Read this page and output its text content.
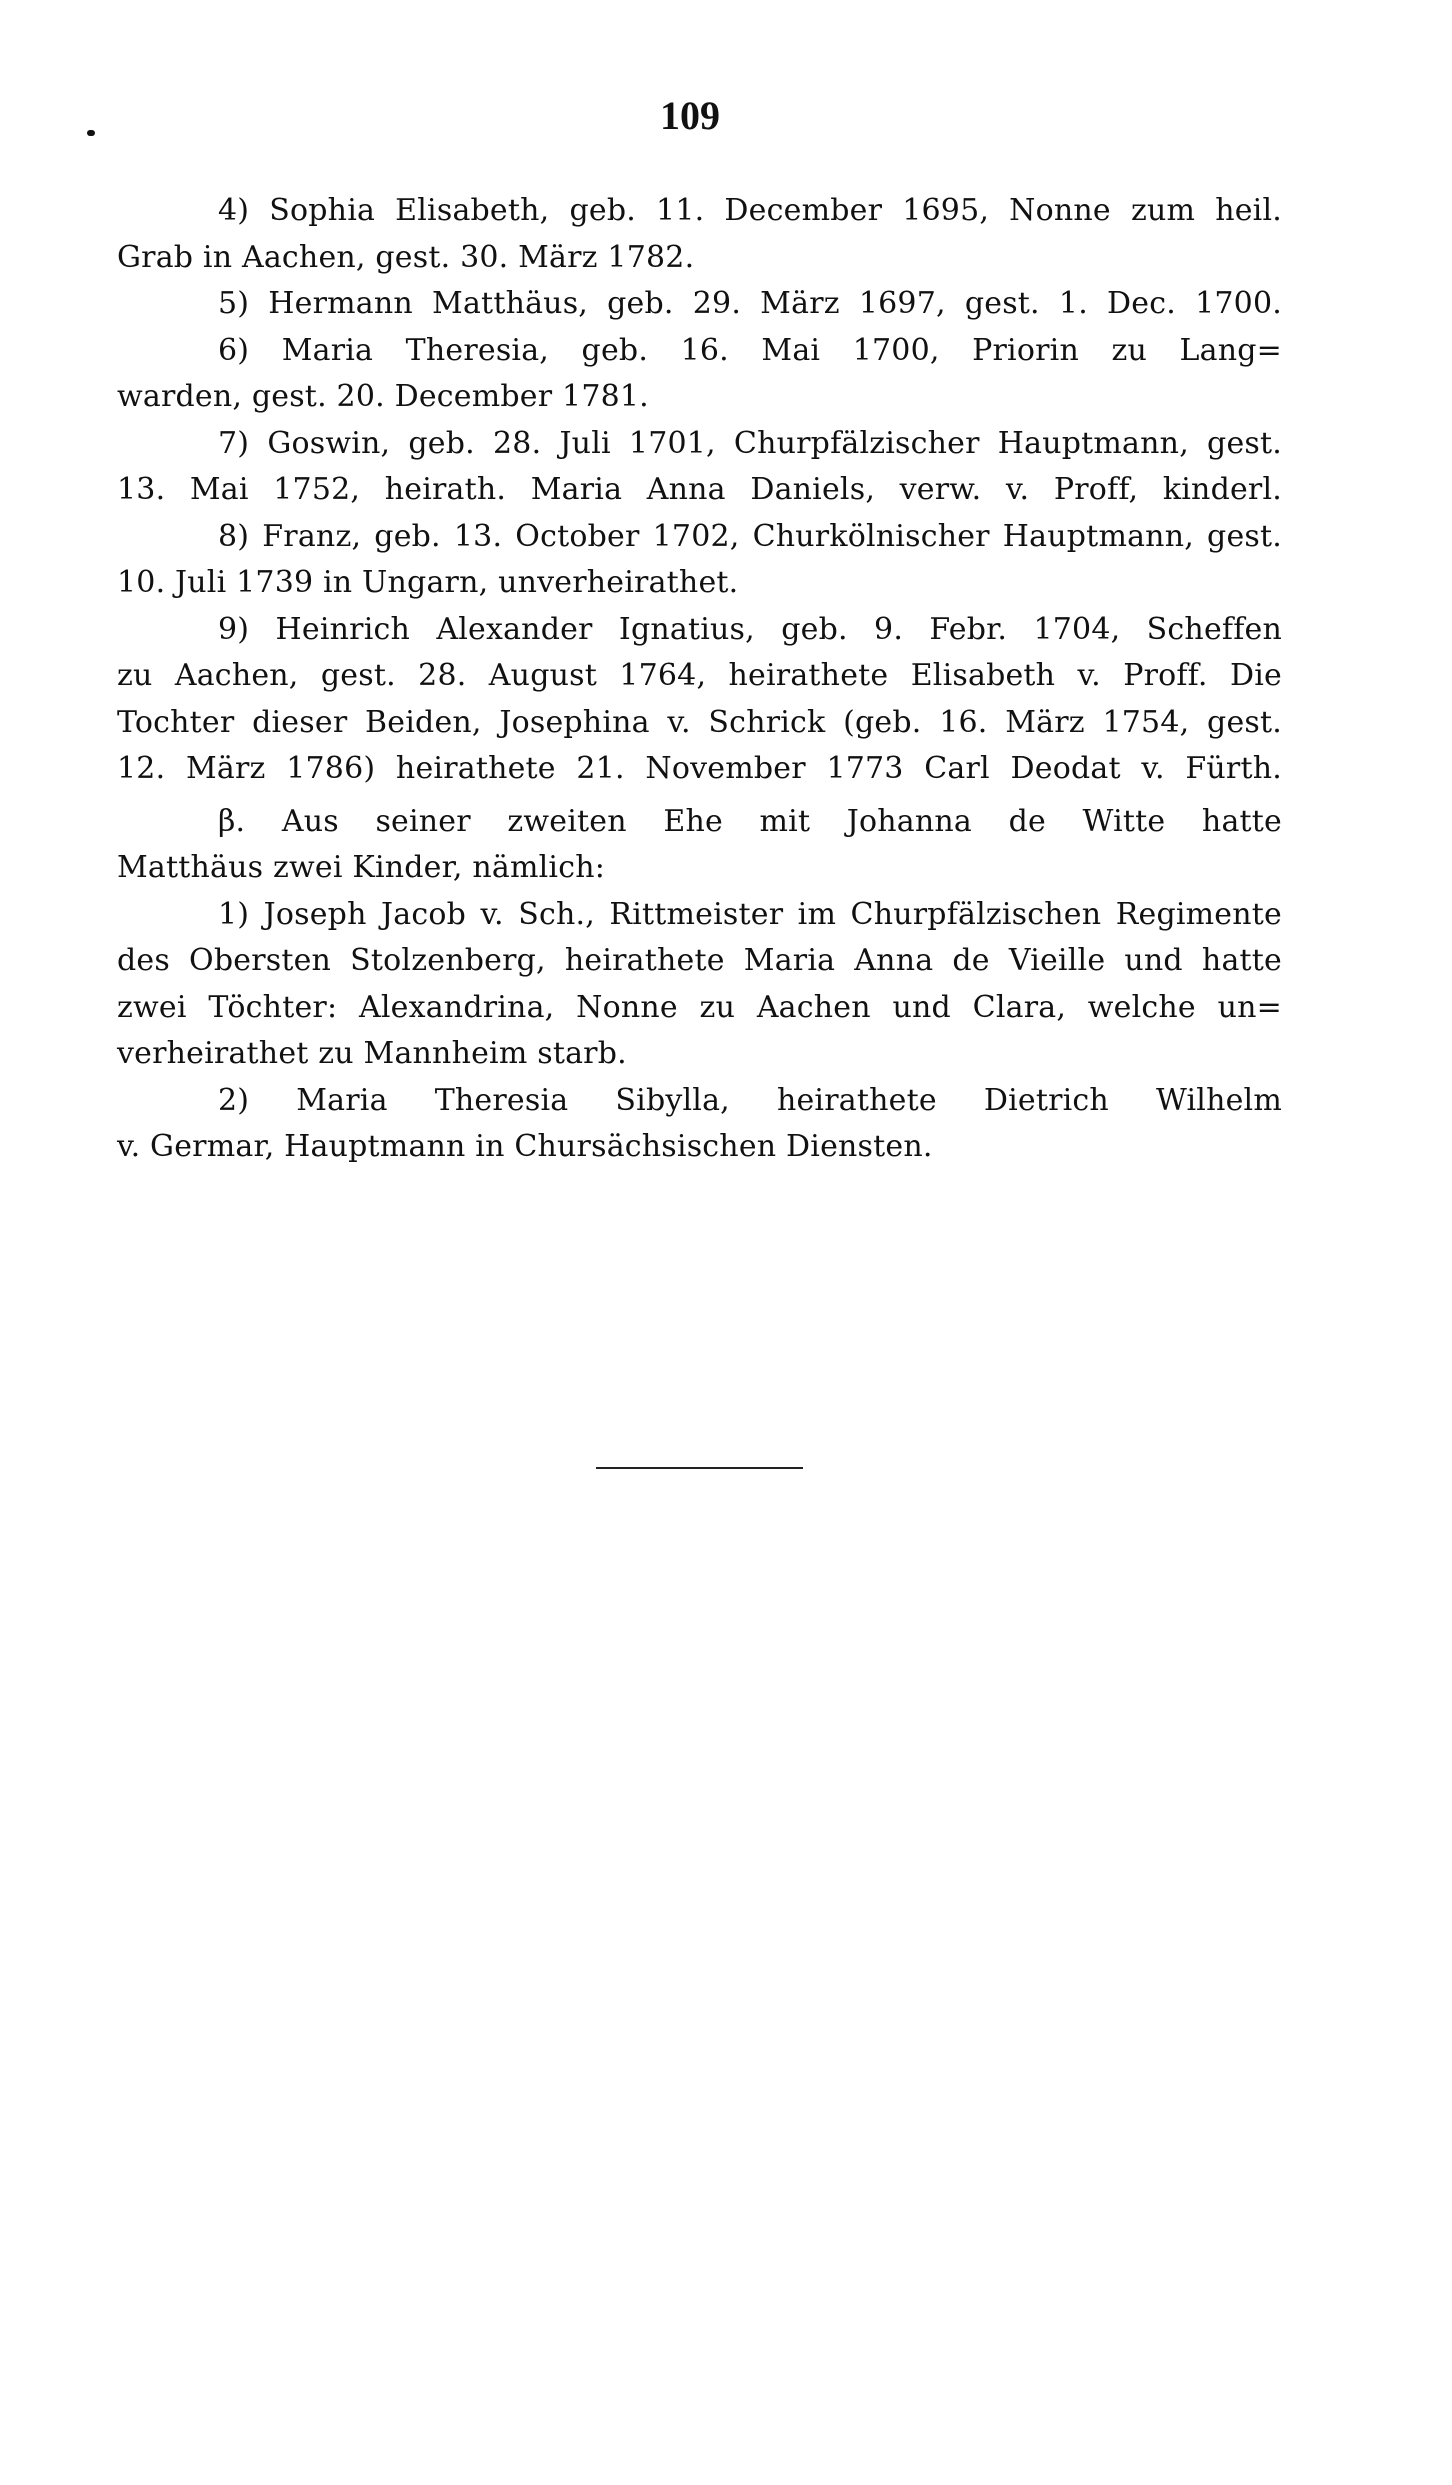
109
4) Sophia Elisabeth, geb. 11. December 1695, Nonne zum heil.
Grab in Aachen, gest. 30. März 1782.
5) Hermann Matthäus, geb. 29. März 1697, gest. 1. Dec. 1700.
6) Maria Theresia, geb. 16. Mai 1700, Priorin zu Lang=
warden, gest. 20. December 1781.
7) Goswin, geb. 28. Juli 1701, Churpfälzischer Hauptmann, gest.
13. Mai 1752, heirath. Maria Anna Daniels, verw. v. Proff, kinderl.
8) Franz, geb. 13. October 1702, Churkölnischer Hauptmann, gest.
10. Juli 1739 in Ungarn, unverheirathet.
9) Heinrich Alexander Ignatius, geb. 9. Febr. 1704, Scheffen
zu Aachen, gest. 28. August 1764, heirathete Elisabeth v. Proff. Die
Tochter dieser Beiden, Josephina v. Schrick (geb. 16. März 1754, gest.
12. März 1786) heirathete 21. November 1773 Carl Deodat v. Fürth.
β. Aus seiner zweiten Ehe mit Johanna de Witte hatte
Matthäus zwei Kinder, nämlich:
1) Joseph Jacob v. Sch., Rittmeister im Churpfälzischen Regimente
des Obersten Stolzenberg, heirathete Maria Anna de Vieille und hatte
zwei Töchter: Alexandrina, Nonne zu Aachen und Clara, welche un=
verheirathet zu Mannheim starb.
2) Maria Theresia Sibylla, heirathete Dietrich Wilhelm
v. Germar, Hauptmann in Chursächsischen Diensten.
